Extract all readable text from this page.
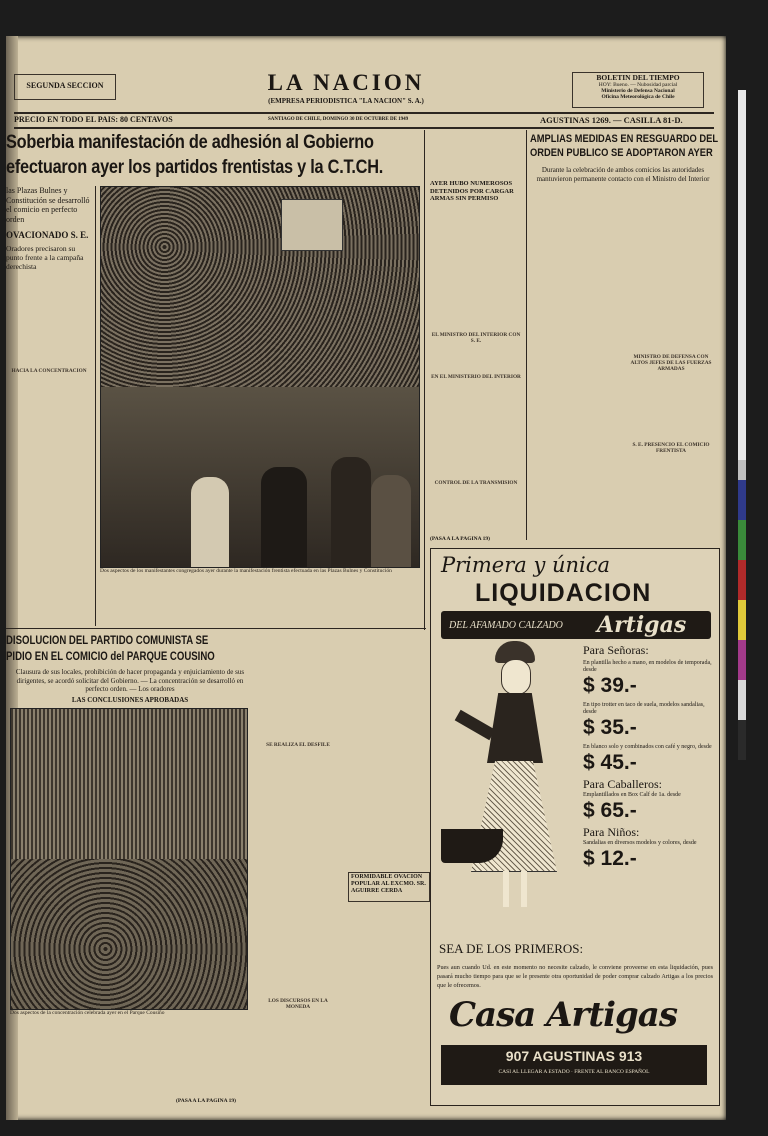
SEGUNDA SECCION	LA NACION
(EMPRESA PERIODISTICA "LA NACION" S. A.)
BOLETIN DEL TIEMPO
HOY: Bueno. — Nubosidad parcial
Ministerio de Defensa Nacional
Oficina Meteorológica de Chile
PRECIO EN TODO EL PAIS: 80 CENTAVOS	SANTIAGO DE CHILE, DOMINGO 30 DE OCTUBRE DE 1949	AGUSTINAS 1269. — CASILLA 81-D.
Soberbia manifestación de adhesión al Gobierno
efectuaron ayer los partidos frentistas y la C.T.CH.
las Plazas Bulnes y Constitución se desarrolló el comicio en perfecto orden
OVACIONADO S. E.
Oradores precisaron su punto frente a la campaña derechista
HACIA LA CONCENTRACION
Dos aspectos de los manifestantes congregados ayer durante la manifestación frentista efectuada en las Plazas Bulnes y Constitución
DISOLUCION DEL PARTIDO COMUNISTA SE
PIDIO EN EL COMICIO del PARQUE COUSINO
Clausura de sus locales, prohibición de hacer propaganda y enjuiciamiento de sus dirigentes, se acordó solicitar del Gobierno. — La concentración se desarrolló en perfecto orden. — Los oradores
LAS CONCLUSIONES APROBADAS
Dos aspectos de la concentración celebrada ayer en el Parque Cousiño
SE REALIZA EL DESFILE
LOS DISCURSOS EN LA MONEDA
(PASA A LA PAGINA 19)
FORMIDABLE OVACION POPULAR AL EXCMO. SR. AGUIRRE CERDA
AYER HUBO NUMEROSOS DETENIDOS POR CARGAR ARMAS SIN PERMISO
EL MINISTRO DEL INTERIOR CON S. E.
EN EL MINISTERIO DEL INTERIOR
CONTROL DE LA TRANSMISION
(PASA A LA PAGINA 19)
AMPLIAS MEDIDAS EN RESGUARDO DEL
ORDEN PUBLICO SE ADOPTARON AYER
Durante la celebración de ambos comicios las autoridades mantuvieron permanente contacto con el Ministro del Interior
MINISTRO DE DEFENSA CON ALTOS JEFES DE LAS FUERZAS ARMADAS
S. E. PRESENCIO EL COMICIO FRENTISTA
Primera y única
LIQUIDACION
DEL AFAMADO CALZADO Artigas
Para Señoras:
En plantilla hecho a mano, en modelos de temporada, desde
$ 39.-
En tipo trotter en taco de suela, modelos sandalias, desde
$ 35.-
En blanco solo y combinados con café y negro, desde
$ 45.-
Para Caballeros:
Emplantillados en Box Calf de 1a. desde
$ 65.-
Para Niños:
Sandalias en diversos modelos y colores, desde
$ 12.-
SEA DE LOS PRIMEROS:
Pues aun cuando Ud. en este momento no necesite calzado, le conviene proveerse en esta liquidación, pues pasará mucho tiempo para que se le presente otra oportunidad de poder comprar calzado Artigas a los precios que le ofrecemos.
Casa Artigas
907 AGUSTINAS 913
CASI AL LLEGAR A ESTADO · FRENTE AL BANCO ESPAÑOL
